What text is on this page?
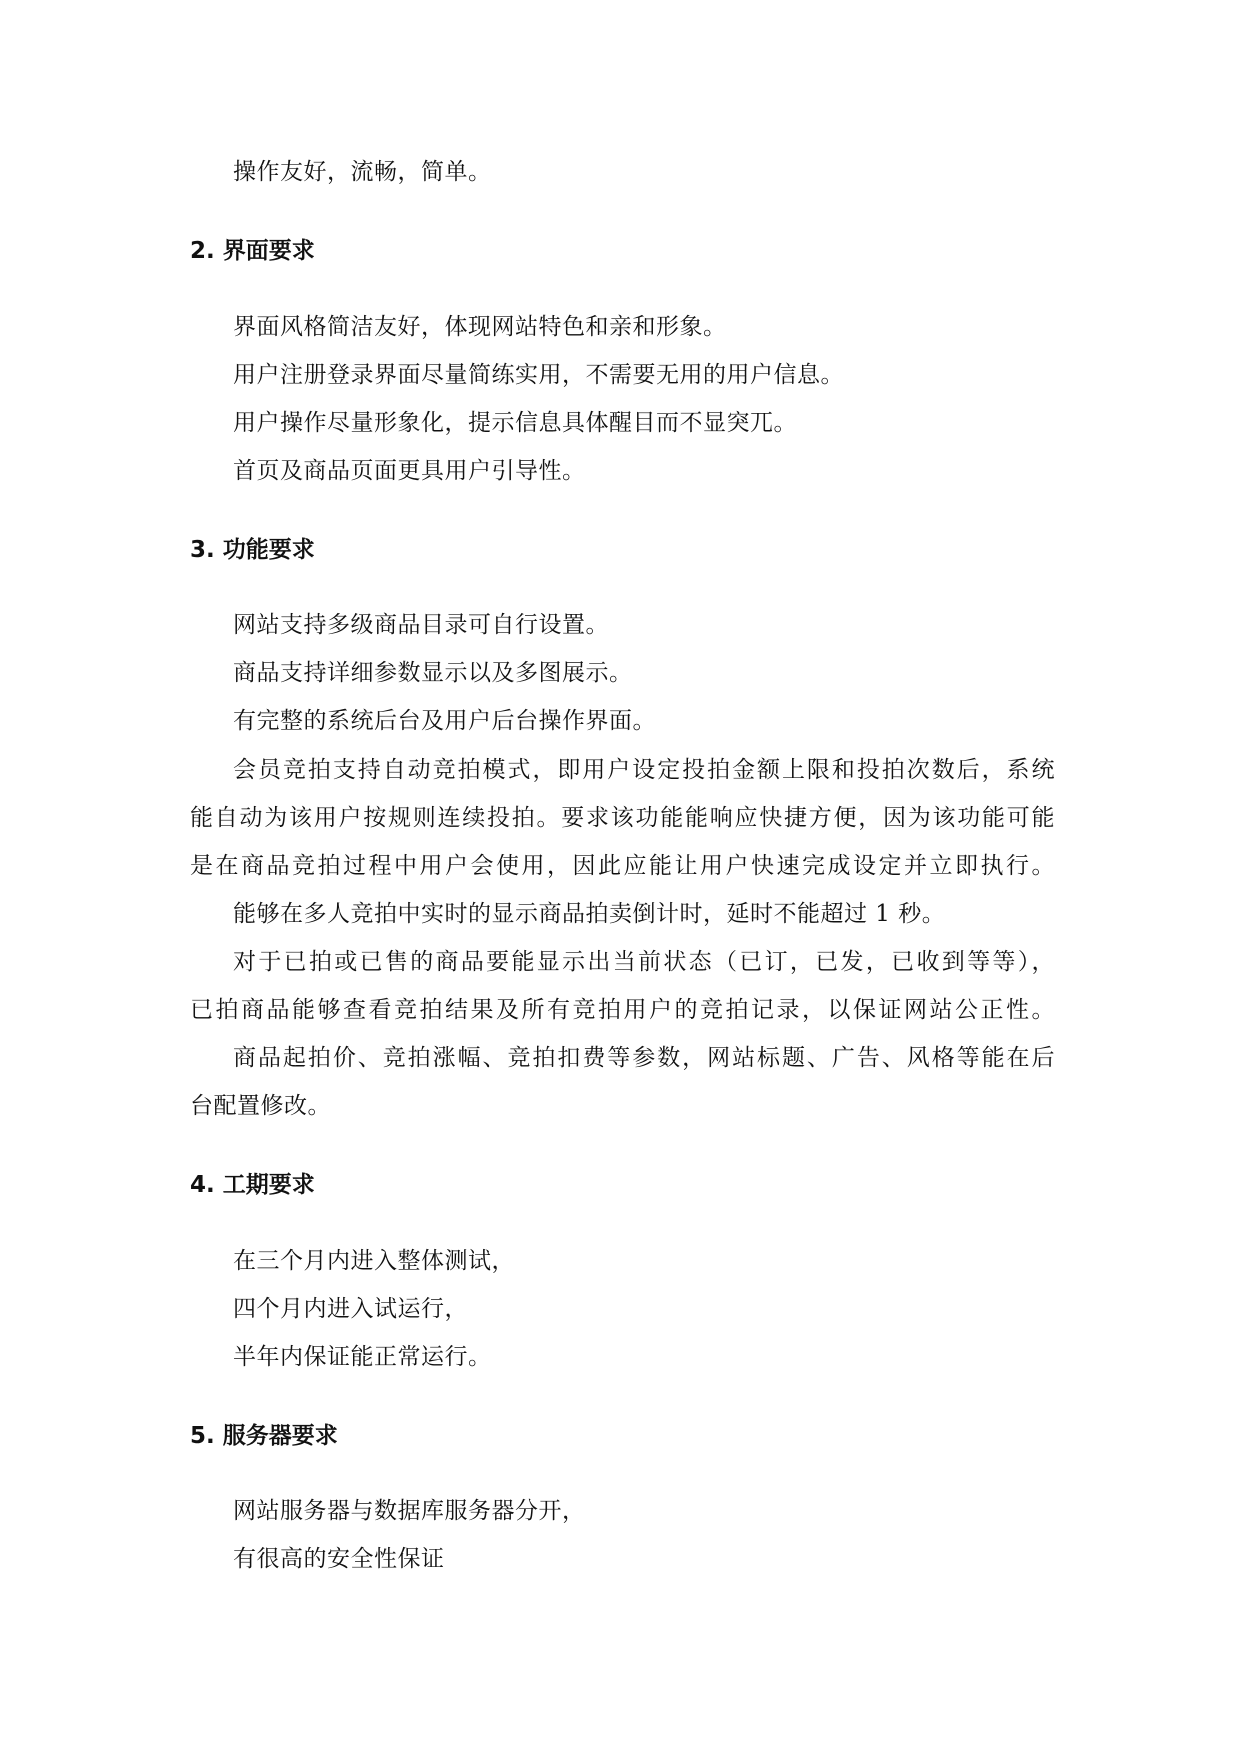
操作友好，流畅，简单。
2. 界面要求
界面风格简洁友好，体现网站特色和亲和形象。
用户注册登录界面尽量简练实用，不需要无用的用户信息。
用户操作尽量形象化，提示信息具体醒目而不显突兀。
首页及商品页面更具用户引导性。
3. 功能要求
网站支持多级商品目录可自行设置。
商品支持详细参数显示以及多图展示。
有完整的系统后台及用户后台操作界面。
会员竞拍支持自动竞拍模式，即用户设定投拍金额上限和投拍次数后，系统
能自动为该用户按规则连续投拍。要求该功能能响应快捷方便，因为该功能可能
是在商品竞拍过程中用户会使用，因此应能让用户快速完成设定并立即执行。
能够在多人竞拍中实时的显示商品拍卖倒计时，延时不能超过 1 秒。
对于已拍或已售的商品要能显示出当前状态（已订，已发，已收到等等），
已拍商品能够查看竞拍结果及所有竞拍用户的竞拍记录，以保证网站公正性。
商品起拍价、竞拍涨幅、竞拍扣费等参数，网站标题、广告、风格等能在后
台配置修改。
4. 工期要求
在三个月内进入整体测试，
四个月内进入试运行，
半年内保证能正常运行。
5. 服务器要求
网站服务器与数据库服务器分开，
有很高的安全性保证
